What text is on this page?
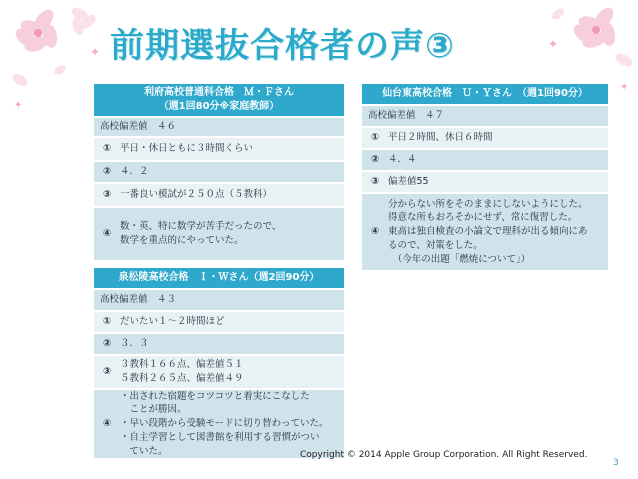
✦
✦
✦
✦
前期選抜合格者の声③
利府高校普通科合格　Ｍ・Ｆさん
（週1回80分※家庭教師）
高校偏差値　４６
① 平日・休日ともに３時間くらい
② ４．２
③ 一番良い模試が２５０点（５教科）
④
数・英、特に数学が苦手だったので、
数学を重点的にやっていた。
仙台東高校合格　Ｕ・Ｙさん　（週1回90分）
高校偏差値　４７
① 平日２時間、休日６時間
② ４．４
③ 偏差値55
④
分からない所をそのままにしないようにした。
得意な所もおろそかにせず、常に復習した。
東高は独自検査の小論文で理科が出る傾向にあ
るので、対策をした。
　（今年の出題「燃焼について」）
泉松陵高校合格　Ｉ・Ｗさん（週2回90分）
高校偏差値　４３
① だいたい１～２時間ほど
② ３．３
③
３教科１６６点、偏差値５１
５教科２６５点、偏差値４９
④
・出された宿題をコツコツと着実にこなした
　ことが勝因。
・早い段階から受験モードに切り替わっていた。
・自主学習として図書館を利用する習慣がつい
　ていた。	Copyright © 2014 Apple Group Corporation. All Right Reserved.
3
